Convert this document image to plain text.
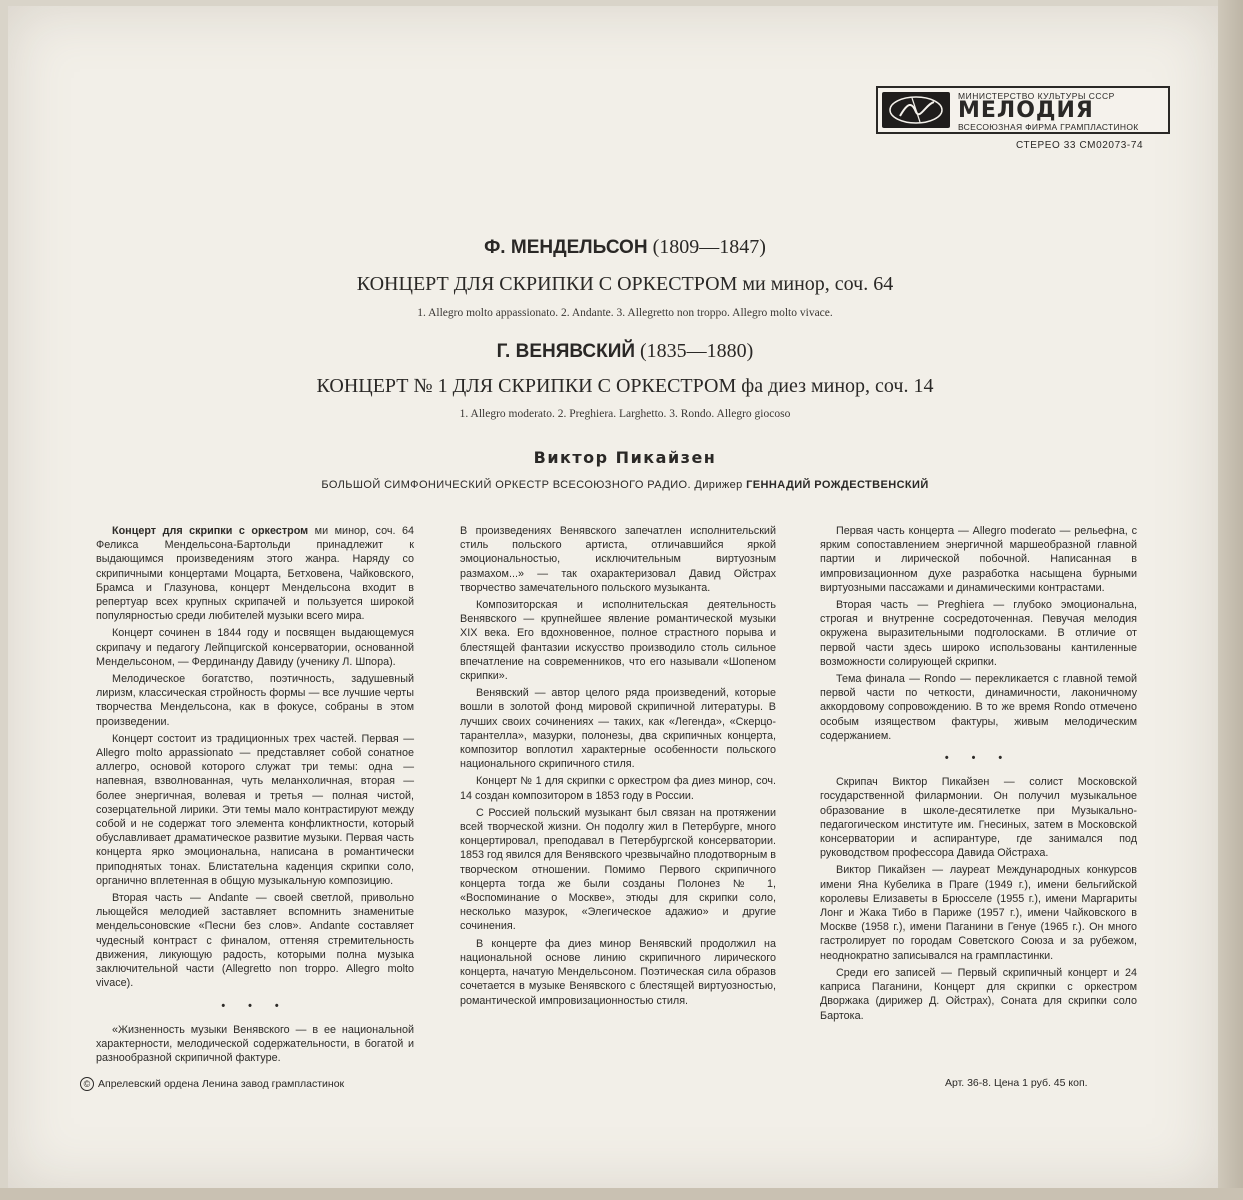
МИНИСТЕРСТВО КУЛЬТУРЫ СССР
МЕЛОДИЯ
ВСЕСОЮЗНАЯ ФИРМА ГРАМПЛАСТИНОК
СТЕРЕО 33 СМ02073-74
Ф. МЕНДЕЛЬСОН (1809—1847)
КОНЦЕРТ ДЛЯ СКРИПКИ С ОРКЕСТРОМ ми минор, соч. 64
1. Allegro molto appassionato. 2. Andante. 3. Allegretto non troppo. Allegro molto vivace.
Г. ВЕНЯВСКИЙ (1835—1880)
КОНЦЕРТ № 1 ДЛЯ СКРИПКИ С ОРКЕСТРОМ фа диез минор, соч. 14
1. Allegro moderato. 2. Preghiera. Larghetto. 3. Rondo. Allegro giocoso
Виктор Пикайзен
БОЛЬШОЙ СИМФОНИЧЕСКИЙ ОРКЕСТР ВСЕСОЮЗНОГО РАДИО. Дирижер ГЕННАДИЙ РОЖДЕСТВЕНСКИЙ

Концерт для скрипки с оркестром ми минор, соч. 64 Феликса Мендельсона-Бартольди принадлежит к выдающимся произведениям этого жанра. Наряду со скрипичными концертами Моцарта, Бетховена, Чайковского, Брамса и Глазунова, концерт Мендельсона входит в репертуар всех крупных скрипачей и пользуется широкой популярностью среди любителей музыки всего мира.

Концерт сочинен в 1844 году и посвящен выдающемуся скрипачу и педагогу Лейпцигской консерватории, основанной Мендельсоном, — Фердинанду Давиду (ученику Л. Шпора).

Мелодическое богатство, поэтичность, задушевный лиризм, классическая стройность формы — все лучшие черты творчества Мендельсона, как в фокусе, собраны в этом произведении.

Концерт состоит из традиционных трех частей. Первая — Allegro molto appassionato — представляет собой сонатное аллегро, основой которого служат три темы: одна — напевная, взволнованная, чуть меланхоличная, вторая — более энергичная, волевая и третья — полная чистой, созерцательной лирики. Эти темы мало контрастируют между собой и не содержат того элемента конфликтности, который обуславливает драматическое развитие музыки. Первая часть концерта ярко эмоциональна, написана в романтически приподнятых тонах. Блистательна каденция скрипки соло, органично вплетенная в общую музыкальную композицию.

Вторая часть — Andante — своей светлой, привольно льющейся мелодией заставляет вспомнить знаменитые мендельсоновские «Песни без слов». Andante составляет чудесный контраст с финалом, оттеняя стремительность движения, ликующую радость, которыми полна музыка заключительной части (Allegretto non troppo. Allegro molto vivace).

• • •

«Жизненность музыки Венявского — в ее национальной характерности, мелодической содержательности, в богатой и разнообразной скрипичной фактуре.

В произведениях Венявского запечатлен исполнительский стиль польского артиста, отличавшийся яркой эмоциональностью, исключительным виртуозным размахом...» — так охарактеризовал Давид Ойстрах творчество замечательного польского музыканта.

Композиторская и исполнительская деятельность Венявского — крупнейшее явление романтической музыки XIX века. Его вдохновенное, полное страстного порыва и блестящей фантазии искусство производило столь сильное впечатление на современников, что его называли «Шопеном скрипки».

Венявский — автор целого ряда произведений, которые вошли в золотой фонд мировой скрипичной литературы. В лучших своих сочинениях — таких, как «Легенда», «Скерцо-тарантелла», мазурки, полонезы, два скрипичных концерта, композитор воплотил характерные особенности польского национального скрипичного стиля.

Концерт № 1 для скрипки с оркестром фа диез минор, соч. 14 создан композитором в 1853 году в России.

С Россией польский музыкант был связан на протяжении всей творческой жизни. Он подолгу жил в Петербурге, много концертировал, преподавал в Петербургской консерватории. 1853 год явился для Венявского чрезвычайно плодотворным в творческом отношении. Помимо Первого скрипичного концерта тогда же были созданы Полонез № 1, «Воспоминание о Москве», этюды для скрипки соло, несколько мазурок, «Элегическое адажио» и другие сочинения.

В концерте фа диез минор Венявский продолжил на национальной основе линию скрипичного лирического концерта, начатую Мендельсоном. Поэтическая сила образов сочетается в музыке Венявского с блестящей виртуозностью, романтической импровизационностью стиля.

Первая часть концерта — Allegro moderato — рельефна, с ярким сопоставлением энергичной маршеобразной главной партии и лирической побочной. Написанная в импровизационном духе разработка насыщена бурными виртуозными пассажами и динамическими контрастами.

Вторая часть — Preghiera — глубоко эмоциональна, строгая и внутренне сосредоточенная. Певучая мелодия окружена выразительными подголосками. В отличие от первой части здесь широко использованы кантиленные возможности солирующей скрипки.

Тема финала — Rondo — перекликается с главной темой первой части по четкости, динамичности, лаконичному аккордовому сопровождению. В то же время Rondo отмечено особым изяществом фактуры, живым мелодическим содержанием.

• • •

Скрипач Виктор Пикайзен — солист Московской государственной филармонии. Он получил музыкальное образование в школе-десятилетке при Музыкально-педагогическом институте им. Гнесиных, затем в Московской консерватории и аспирантуре, где занимался под руководством профессора Давида Ойстраха.

Виктор Пикайзен — лауреат Международных конкурсов имени Яна Кубелика в Праге (1949 г.), имени бельгийской королевы Елизаветы в Брюсселе (1955 г.), имени Маргариты Лонг и Жака Тибо в Париже (1957 г.), имени Чайковского в Москве (1958 г.), имени Паганини в Генуе (1965 г.). Он много гастролирует по городам Советского Союза и за рубежом, неоднократно записывался на грампластинки.

Среди его записей — Первый скрипичный концерт и 24 каприса Паганини, Концерт для скрипки с оркестром Дворжака (дирижер Д. Ойстрах), Соната для скрипки соло Бартока.

© Апрелевский ордена Ленина завод грампластинок	Арт. 36-8. Цена 1 руб. 45 коп.
